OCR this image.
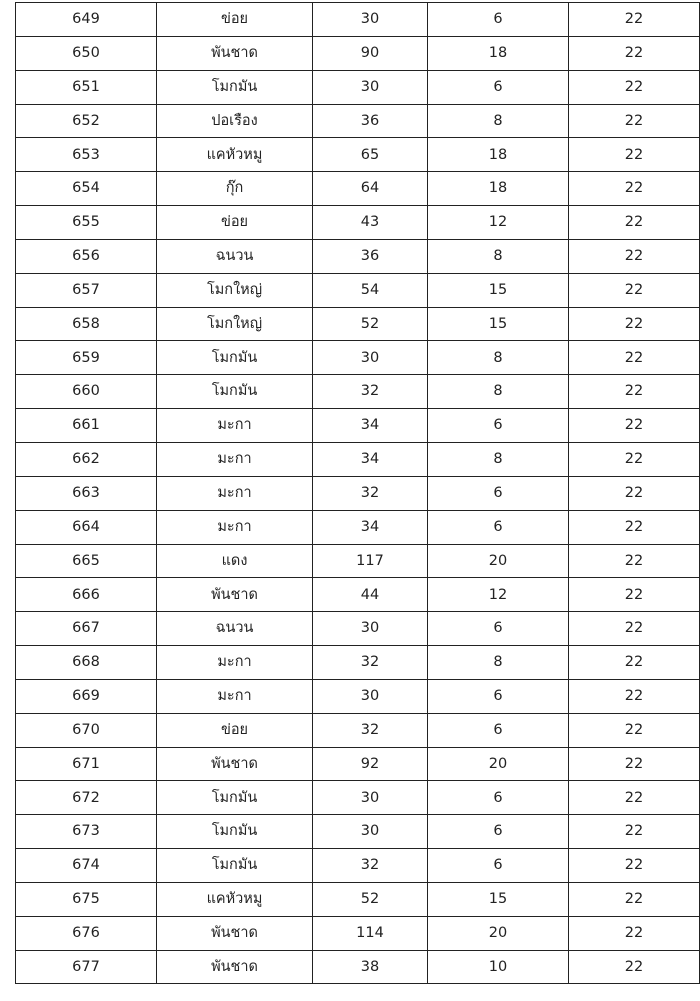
649	ข่อย	30	6	22
650	พันชาด	90	18	22
651	โมกมัน	30	6	22
652	ปอเรือง	36	8	22
653	แคหัวหมู	65	18	22
654	กุ๊ก	64	18	22
655	ข่อย	43	12	22
656	ฉนวน	36	8	22
657	โมกใหญ่	54	15	22
658	โมกใหญ่	52	15	22
659	โมกมัน	30	8	22
660	โมกมัน	32	8	22
661	มะกา	34	6	22
662	มะกา	34	8	22
663	มะกา	32	6	22
664	มะกา	34	6	22
665	แดง	117	20	22
666	พันชาด	44	12	22
667	ฉนวน	30	6	22
668	มะกา	32	8	22
669	มะกา	30	6	22
670	ข่อย	32	6	22
671	พันชาด	92	20	22
672	โมกมัน	30	6	22
673	โมกมัน	30	6	22
674	โมกมัน	32	6	22
675	แคหัวหมู	52	15	22
676	พันชาด	114	20	22
677	พันชาด	38	10	22
